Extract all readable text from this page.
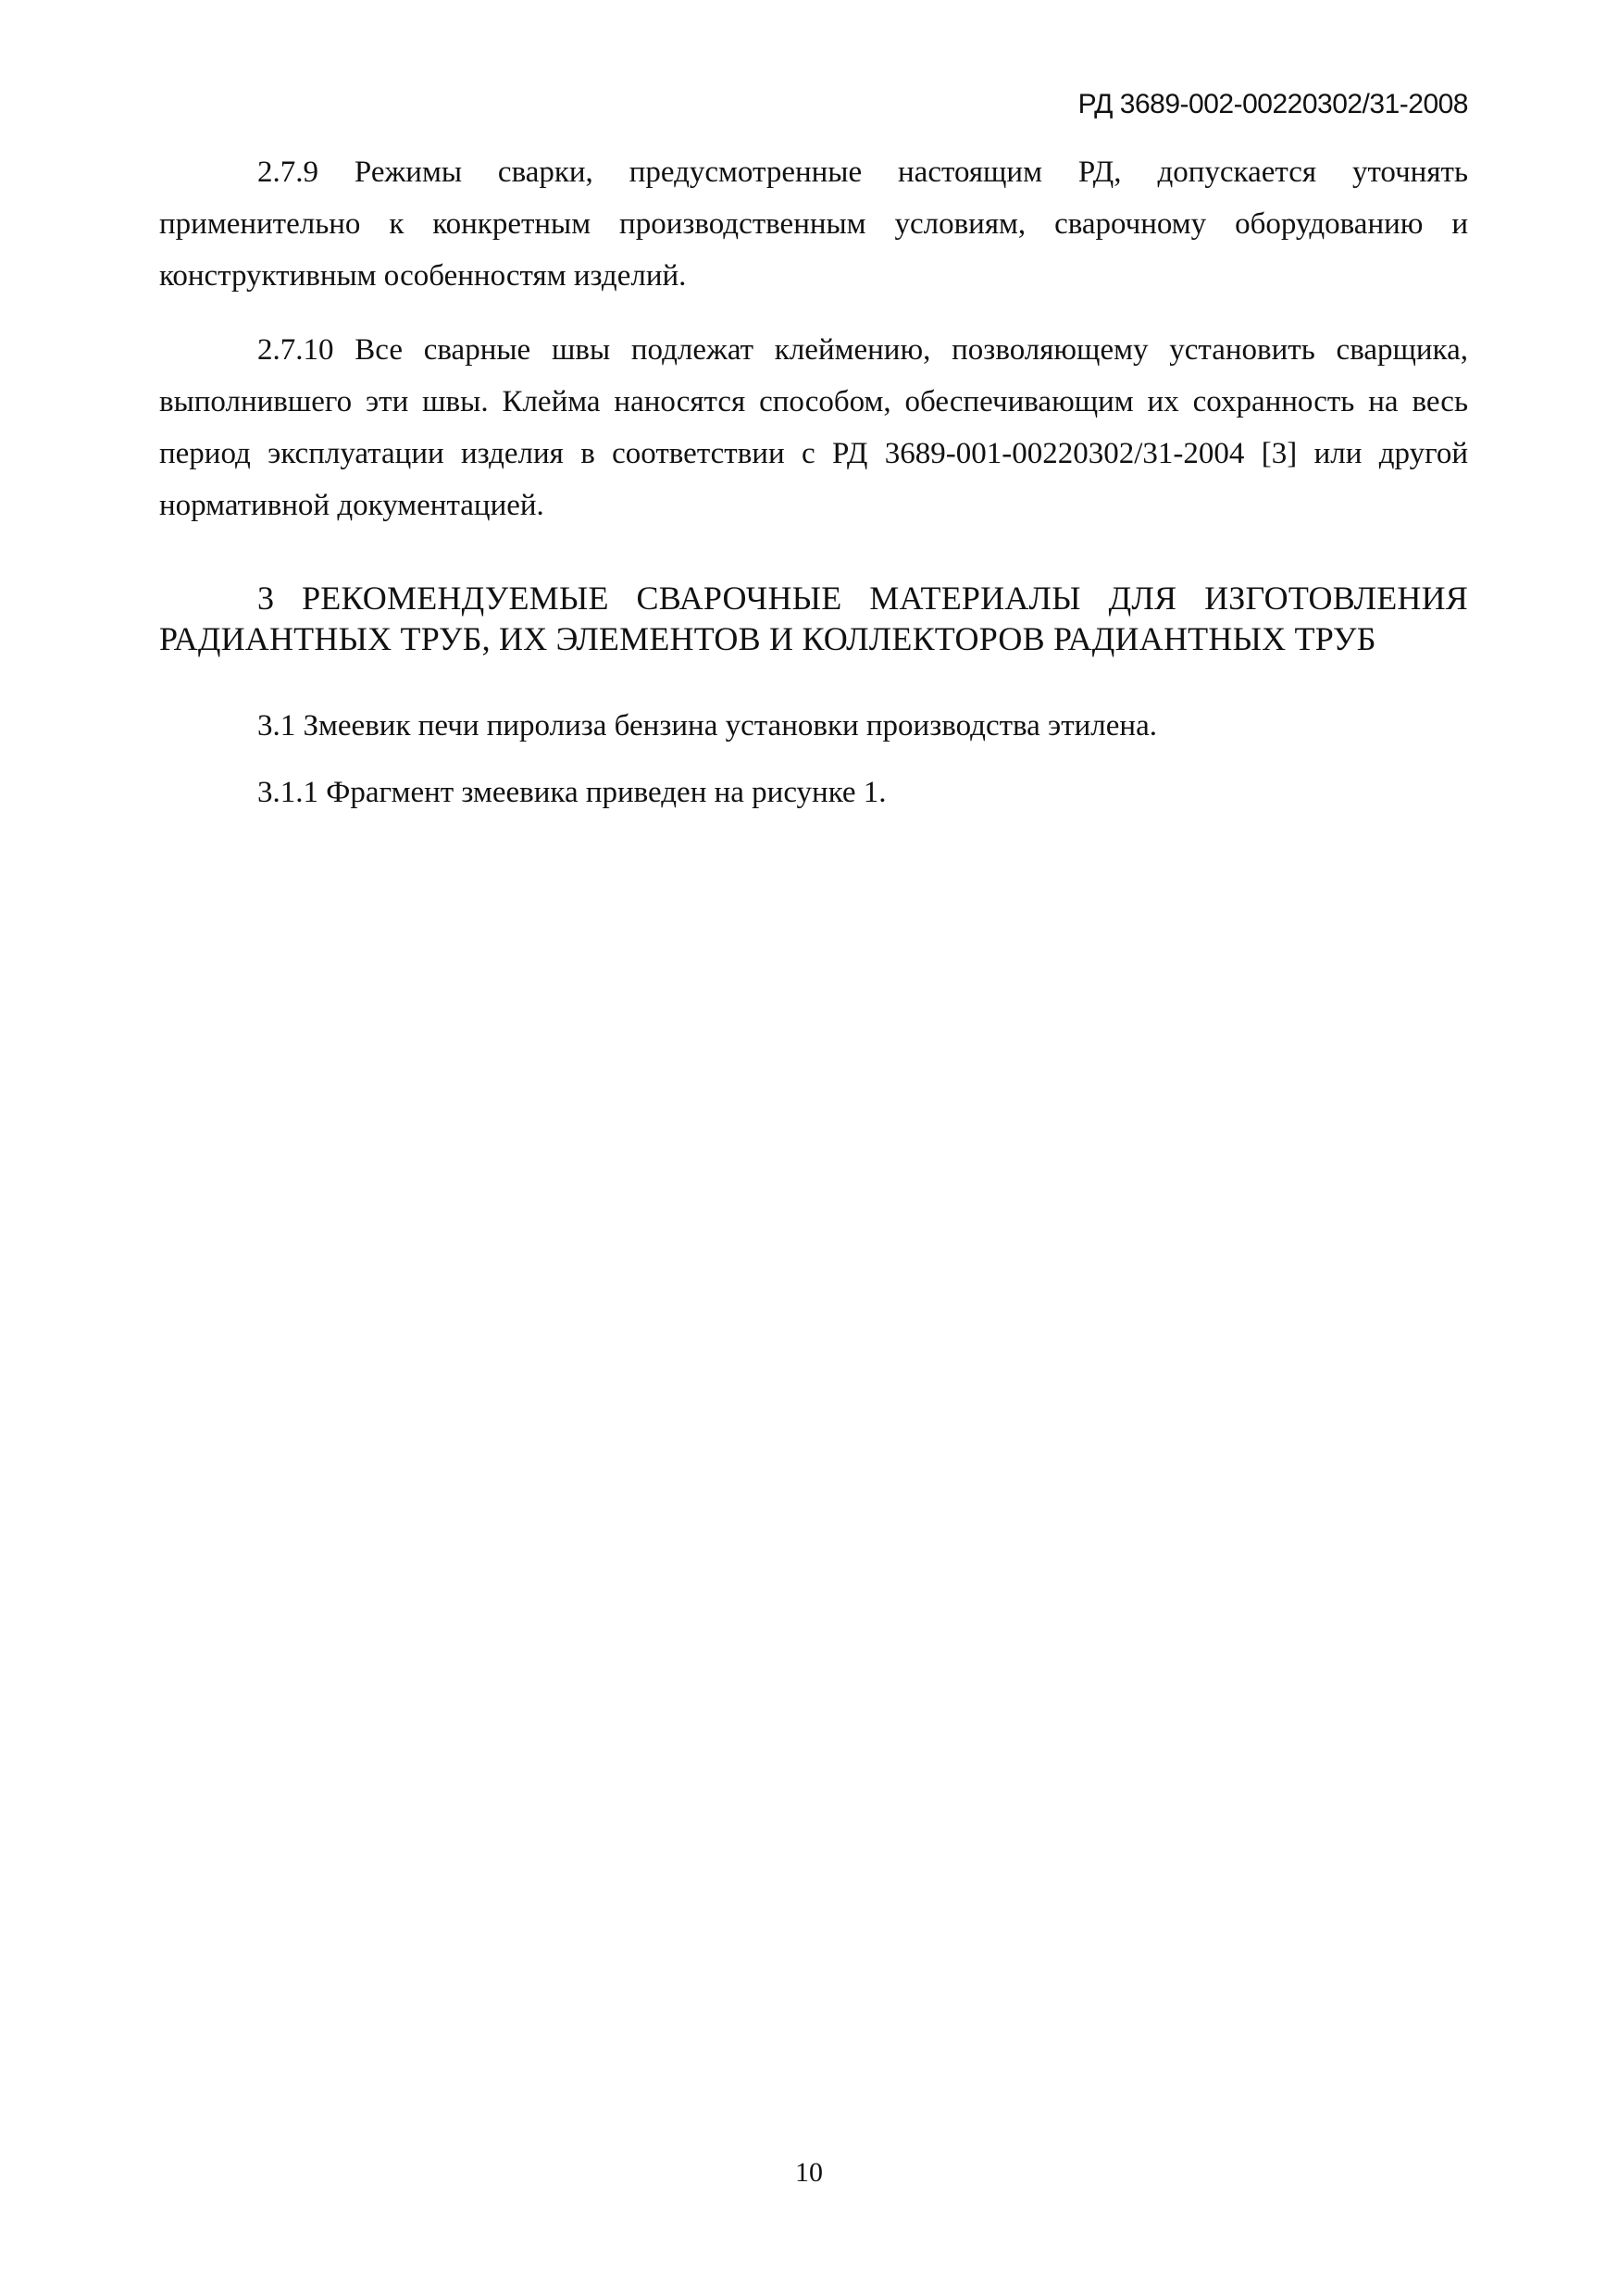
РД 3689-002-00220302/31-2008

2.7.9 Режимы сварки, предусмотренные настоящим РД, допускается уточнять применительно к конкретным производственным условиям, сварочному оборудованию и конструктивным особенностям изделий.

2.7.10 Все сварные швы подлежат клеймению, позволяющему установить сварщика, выполнившего эти швы. Клейма наносятся способом, обеспечивающим их сохранность на весь период эксплуатации изделия в соответствии с РД 3689-001-00220302/31-2004 [3] или другой нормативной документацией.

3 РЕКОМЕНДУЕМЫЕ СВАРОЧНЫЕ МАТЕРИАЛЫ ДЛЯ ИЗГОТОВЛЕНИЯ РАДИАНТНЫХ ТРУБ, ИХ ЭЛЕМЕНТОВ И КОЛЛЕКТОРОВ РАДИАНТНЫХ ТРУБ

3.1 Змеевик печи пиролиза бензина установки производства этилена.

3.1.1 Фрагмент змеевика приведен на рисунке 1.

10
